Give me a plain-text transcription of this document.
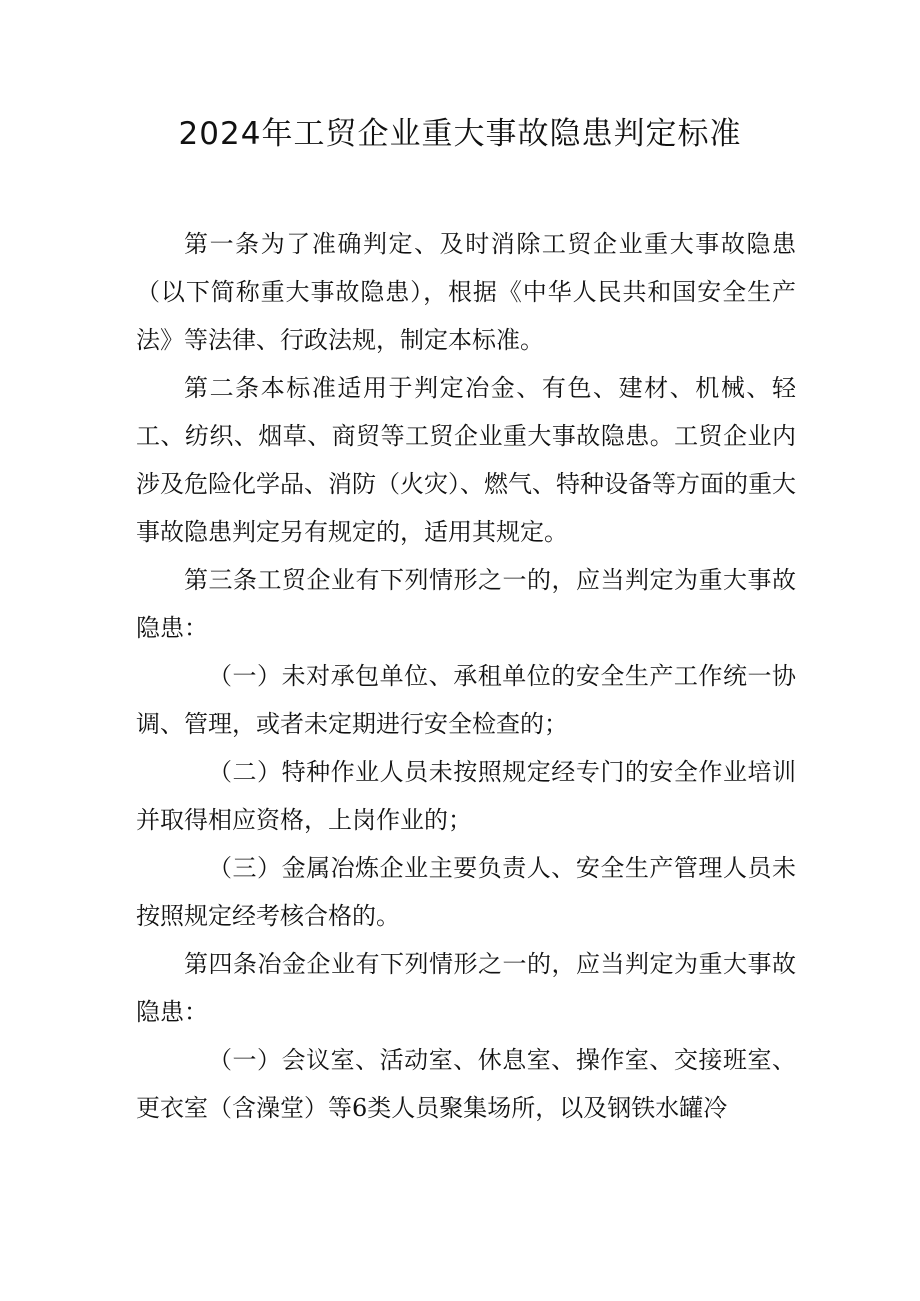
2024年工贸企业重大事故隐患判定标准

第一条为了准确判定、及时消除工贸企业重大事故隐患（以下简称重大事故隐患），根据《中华人民共和国安全生产法》等法律、行政法规，制定本标准。

第二条本标准适用于判定冶金、有色、建材、机械、轻工、纺织、烟草、商贸等工贸企业重大事故隐患。工贸企业内涉及危险化学品、消防（火灾）、燃气、特种设备等方面的重大事故隐患判定另有规定的，适用其规定。

第三条工贸企业有下列情形之一的，应当判定为重大事故隐患：

（一）未对承包单位、承租单位的安全生产工作统一协调、管理，或者未定期进行安全检查的；

（二）特种作业人员未按照规定经专门的安全作业培训并取得相应资格，上岗作业的；

（三）金属冶炼企业主要负责人、安全生产管理人员未按照规定经考核合格的。

第四条冶金企业有下列情形之一的，应当判定为重大事故隐患：

（一）会议室、活动室、休息室、操作室、交接班室、更衣室（含澡堂）等6类人员聚集场所，以及钢铁水罐冷
